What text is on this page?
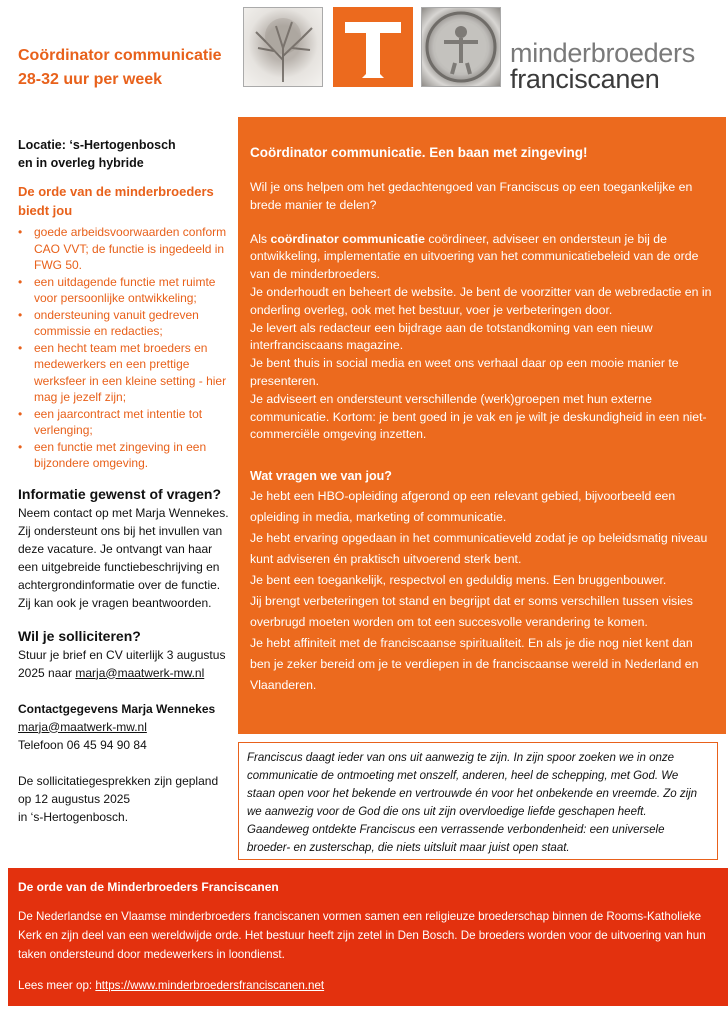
Coördinator communicatie
28-32 uur per week
minderbroeders
franciscanen

Locatie: ‘s-Hertogenbosch

en in overleg hybride

De orde van de minderbroeders
biedt jou
• goede arbeidsvoorwaarden conform CAO VVT; de functie is ingedeeld in FWG 50.
• een uitdagende functie met ruimte voor persoonlijke ontwikkeling;
• ondersteuning vanuit gedreven commissie en redacties;
• een hecht team met broeders en medewerkers en een prettige werksfeer in een kleine setting - hier mag je jezelf zijn;
• een jaarcontract met intentie tot verlenging;
• een functie met zingeving in een bijzondere omgeving.

Informatie gewenst of vragen?

Neem contact op met Marja Wennekes. Zij ondersteunt ons bij het invullen van deze vacature. Je ontvangt van haar een uitgebreide functiebeschrijving en achtergrondinformatie over de functie. Zij kan ook je vragen beantwoorden.

Wil je solliciteren?

Stuur je brief en CV uiterlijk 3 augustus 2025 naar marja@maatwerk-mw.nl

Contactgegevens Marja Wennekes

marja@maatwerk-mw.nl
Telefoon 06 45 94 90 84

De sollicitatiegesprekken zijn gepland
op 12 augustus 2025
in ‘s-Hertogenbosch.

Coördinator communicatie. Een baan met zingeving!

Wil je ons helpen om het gedachtengoed van Franciscus op een toegankelijke en brede manier te delen?

Als coördinator communicatie coördineer, adviseer en ondersteun je bij de ontwikkeling, implementatie en uitvoering van het communicatiebeleid van de orde van de minderbroeders.

Je onderhoudt en beheert de website. Je bent de voorzitter van de webredactie en in onderling overleg, ook met het bestuur, voer je verbeteringen door.

Je levert als redacteur een bijdrage aan de totstandkoming van een nieuw interfranciscaans magazine.

Je bent thuis in social media en weet ons verhaal daar op een mooie manier te presenteren.

Je adviseert en ondersteunt verschillende (werk)groepen met hun externe communicatie. Kortom: je bent goed in je vak en je wilt je deskundigheid in een niet-commerciële omgeving inzetten.

Wat vragen we van jou?

Je hebt een HBO-opleiding afgerond op een relevant gebied, bijvoorbeeld een opleiding in media, marketing of communicatie.

Je hebt ervaring opgedaan in het communicatieveld zodat je op beleidsmatig niveau kunt adviseren én praktisch uitvoerend sterk bent.

Je bent een toegankelijk, respectvol en geduldig mens. Een bruggenbouwer.

Jij brengt verbeteringen tot stand en begrijpt dat er soms verschillen tussen visies overbrugd moeten worden om tot een succesvolle verandering te komen.

Je hebt affiniteit met de franciscaanse spiritualiteit. En als je die nog niet kent dan ben je zeker bereid om je te verdiepen in de franciscaanse wereld in Nederland en Vlaanderen.

Franciscus daagt ieder van ons uit aanwezig te zijn. In zijn spoor zoeken we in onze communicatie de ontmoeting met onszelf, anderen, heel de schepping, met God. We staan open voor het bekende en vertrouwde én voor het onbekende en vreemde. Zo zijn we aanwezig voor de God die ons uit zijn overvloedige liefde geschapen heeft. Gaandeweg ontdekte Franciscus een verrassende verbondenheid: een universele broeder- en zusterschap, die niets uitsluit maar juist open staat.

De orde van de Minderbroeders Franciscanen

De Nederlandse en Vlaamse minderbroeders franciscanen vormen samen een religieuze broederschap binnen de Rooms-Katholieke Kerk en zijn deel van een wereldwijde orde. Het bestuur heeft zijn zetel in Den Bosch. De broeders worden voor de uitvoering van hun taken ondersteund door medewerkers in loondienst.

Lees meer op: https://www.minderbroedersfranciscanen.net
